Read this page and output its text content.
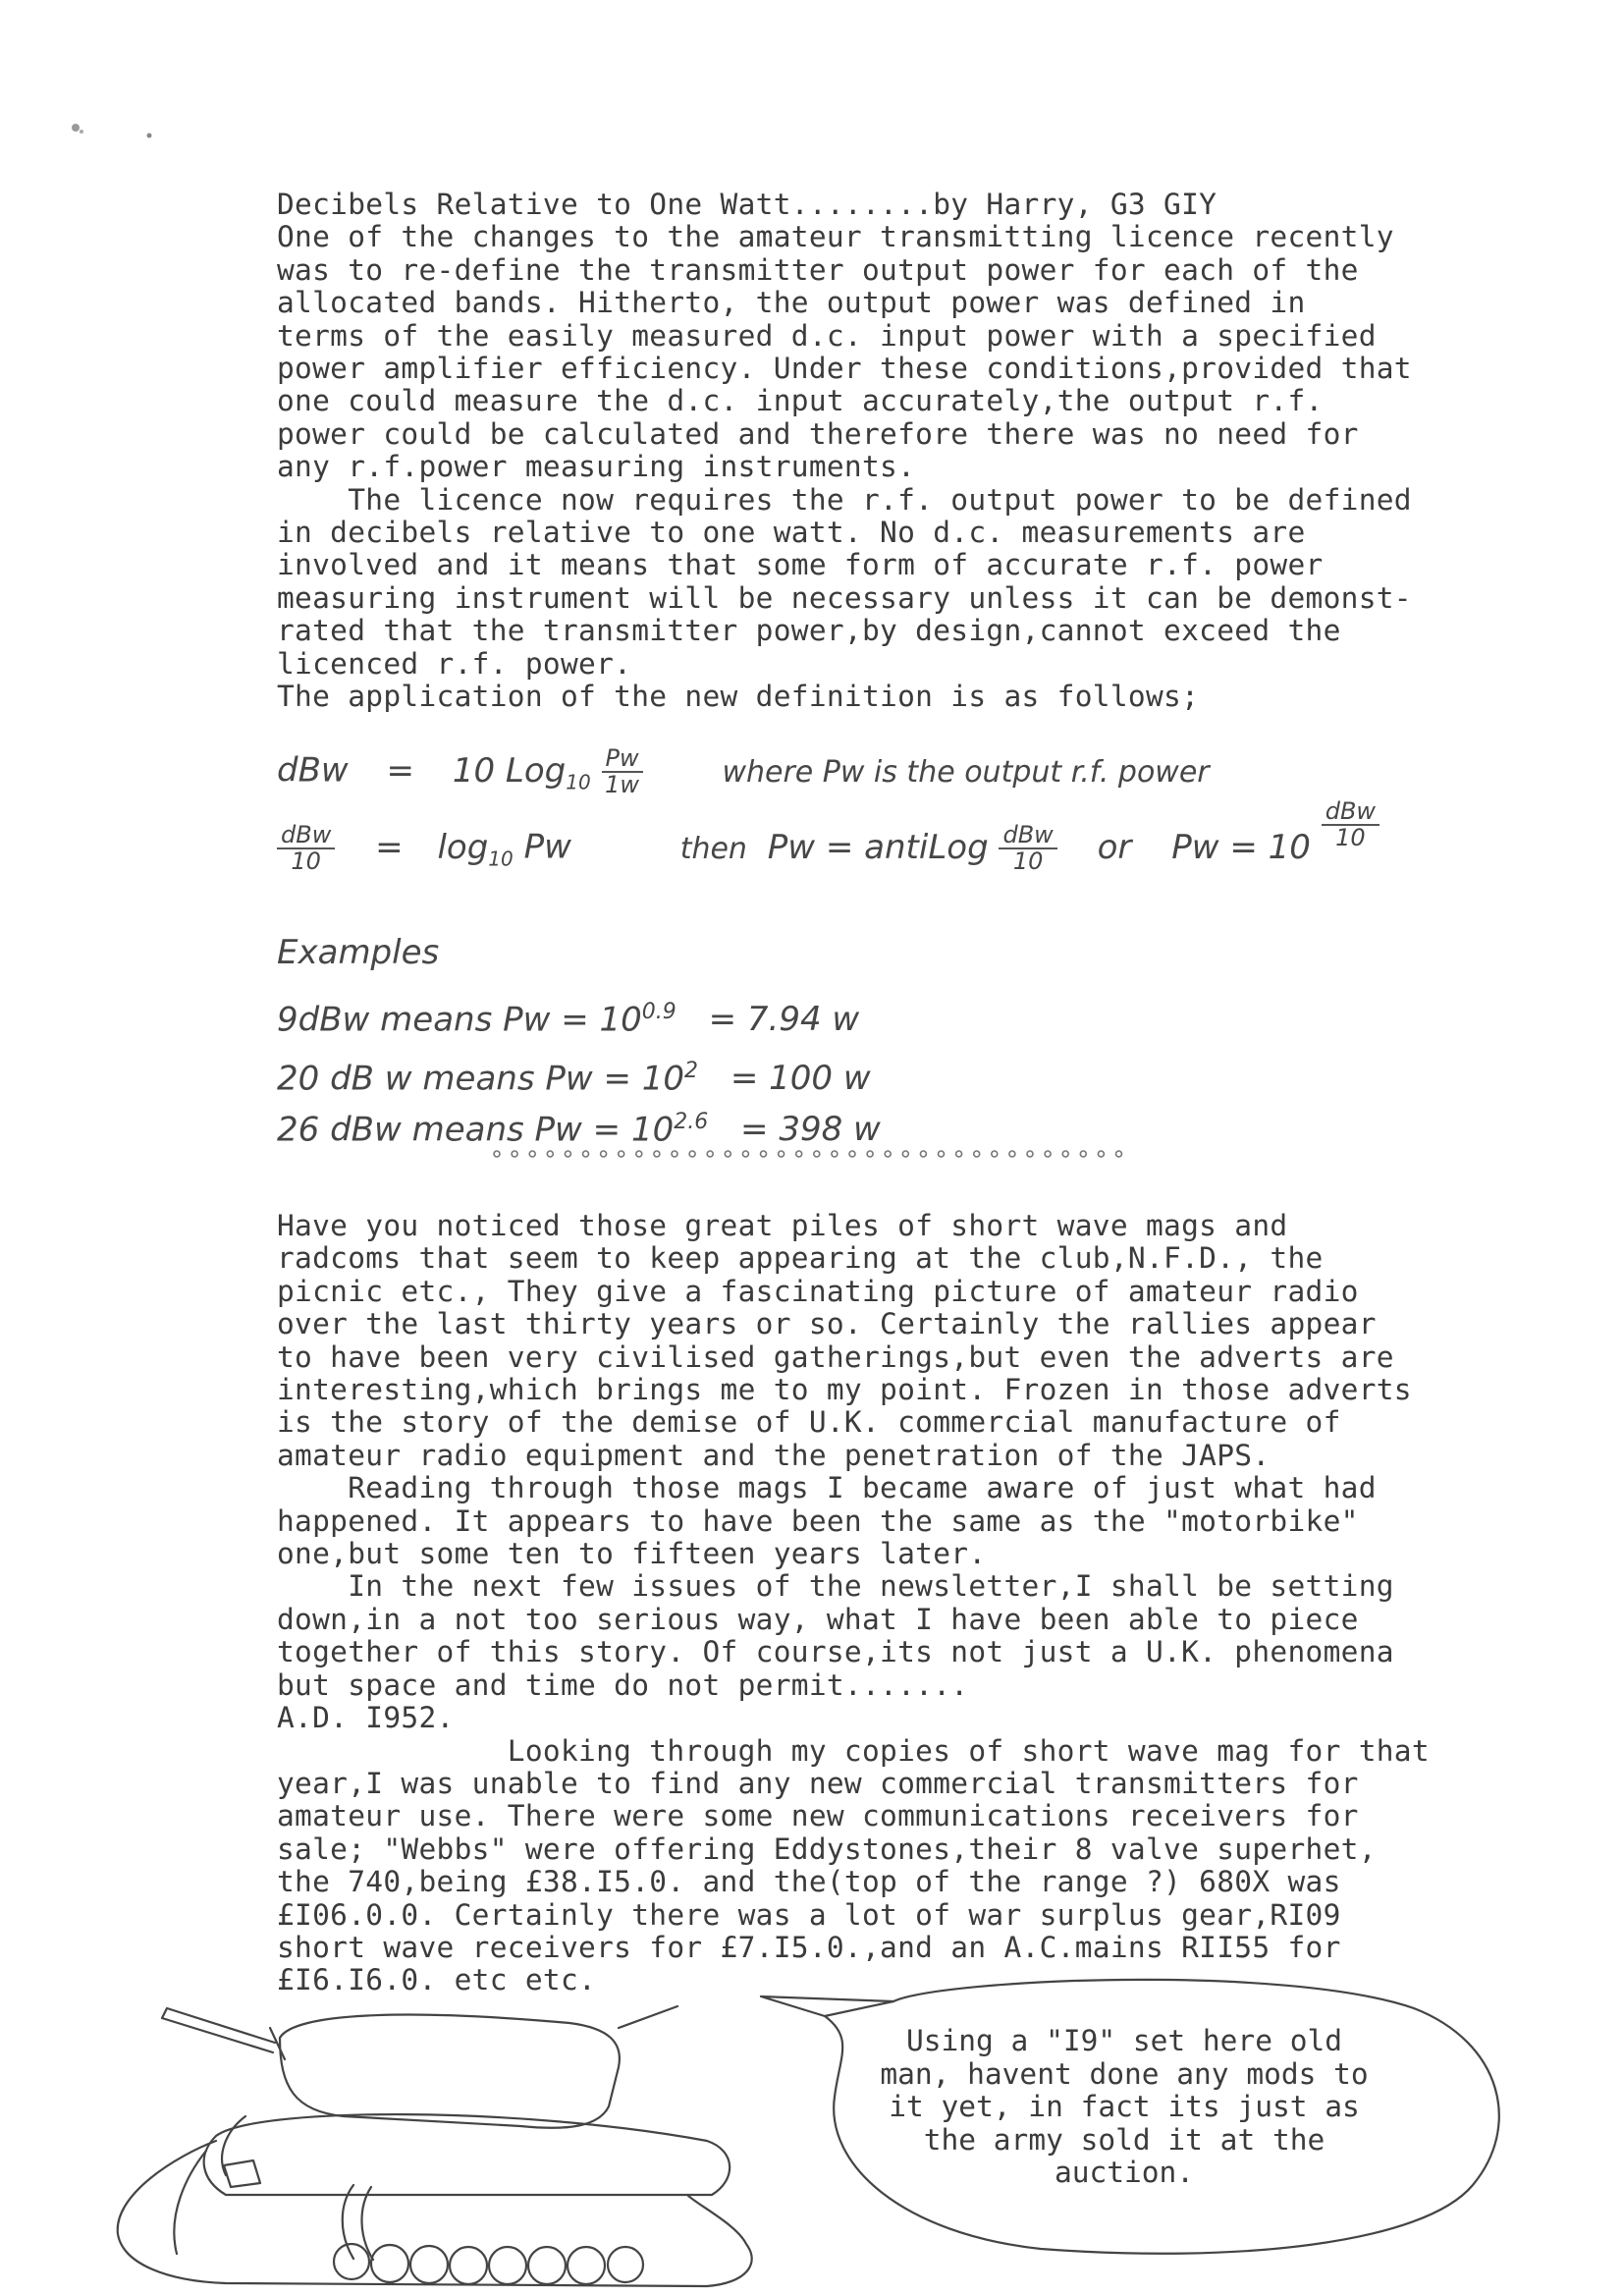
Decibels Relative to One Watt........by Harry, G3 GIY
One of the changes to the amateur transmitting licence recently
was to re-define the transmitter output power for each of the
allocated bands. Hitherto, the output power was defined in
terms of the easily measured d.c. input power with a specified
power amplifier efficiency. Under these conditions,provided that
one could measure the d.c. input accurately,the output r.f.
power could be calculated and therefore there was no need for
any r.f.power measuring instruments.
The licence now requires the r.f. output power to be defined
in decibels relative to one watt. No d.c. measurements are
involved and it means that some form of accurate r.f. power
measuring instrument will be necessary unless it can be demonst-
rated that the transmitter power,by design,cannot exceed the
licenced r.f. power.
The application of the new definition is as follows;
dBw = 10 $Log_{10} \frac{Pw}{1w}$	where Pw is the output r.f. power
$\frac{\text{dBw}}{10} = \log_{10} Pw$	then Pw = antiLog $\frac{\text{dBw}}{10}$ or $Pw = 10 \frac{\text{dBw}}{10}$
Examples
9dBw means $Pw = 10^{0.9} = 7.94$ w
20 dB w means $Pw = 10^2 = 100$ w
26 dBw means $Pw = 10^{2.6} = 398$ w
Have you noticed those great piles of short wave mags and
radcoms that seem to keep appearing at the club,N.F.D., the
picnic etc., They give a fascinating picture of amateur radio
over the last thirty years or so. Certainly the rallies appear
to have been very civilised gatherings,but even the adverts are
interesting,which brings me to my point. Frozen in those adverts
is the story of the demise of U.K. commercial manufacture of
amateur radio equipment and the penetration of the JAPS.
Reading through those mags I became aware of just what had
happened. It appears to have been the same as the "motorbike"
one,but some ten to fifteen years later.
In the next few issues of the newsletter,I shall be setting
down,in a not too serious way, what I have been able to piece
together of this story. Of course,its not just a U.K. phenomena
but space and time do not permit.......
A.D. I952.
Looking through my copies of short wave mag for that
year,I was unable to find any new commercial transmitters for
amateur use. There were some new communications receivers for
sale; "Webbs" were offering Eddystones,their 8 valve superhet,
the 740,being £38.I5.0. and the(top of the range ?) 680X was
£I06.0.0. Certainly there was a lot of war surplus gear,RI09
short wave receivers for £7.I5.0.,and an A.C.mains RII55 for
£I6.I6.0. etc etc.
Using a "I9" set here old
man, havent done any mods to
it yet, in fact its just as
the army sold it at the
auction.
